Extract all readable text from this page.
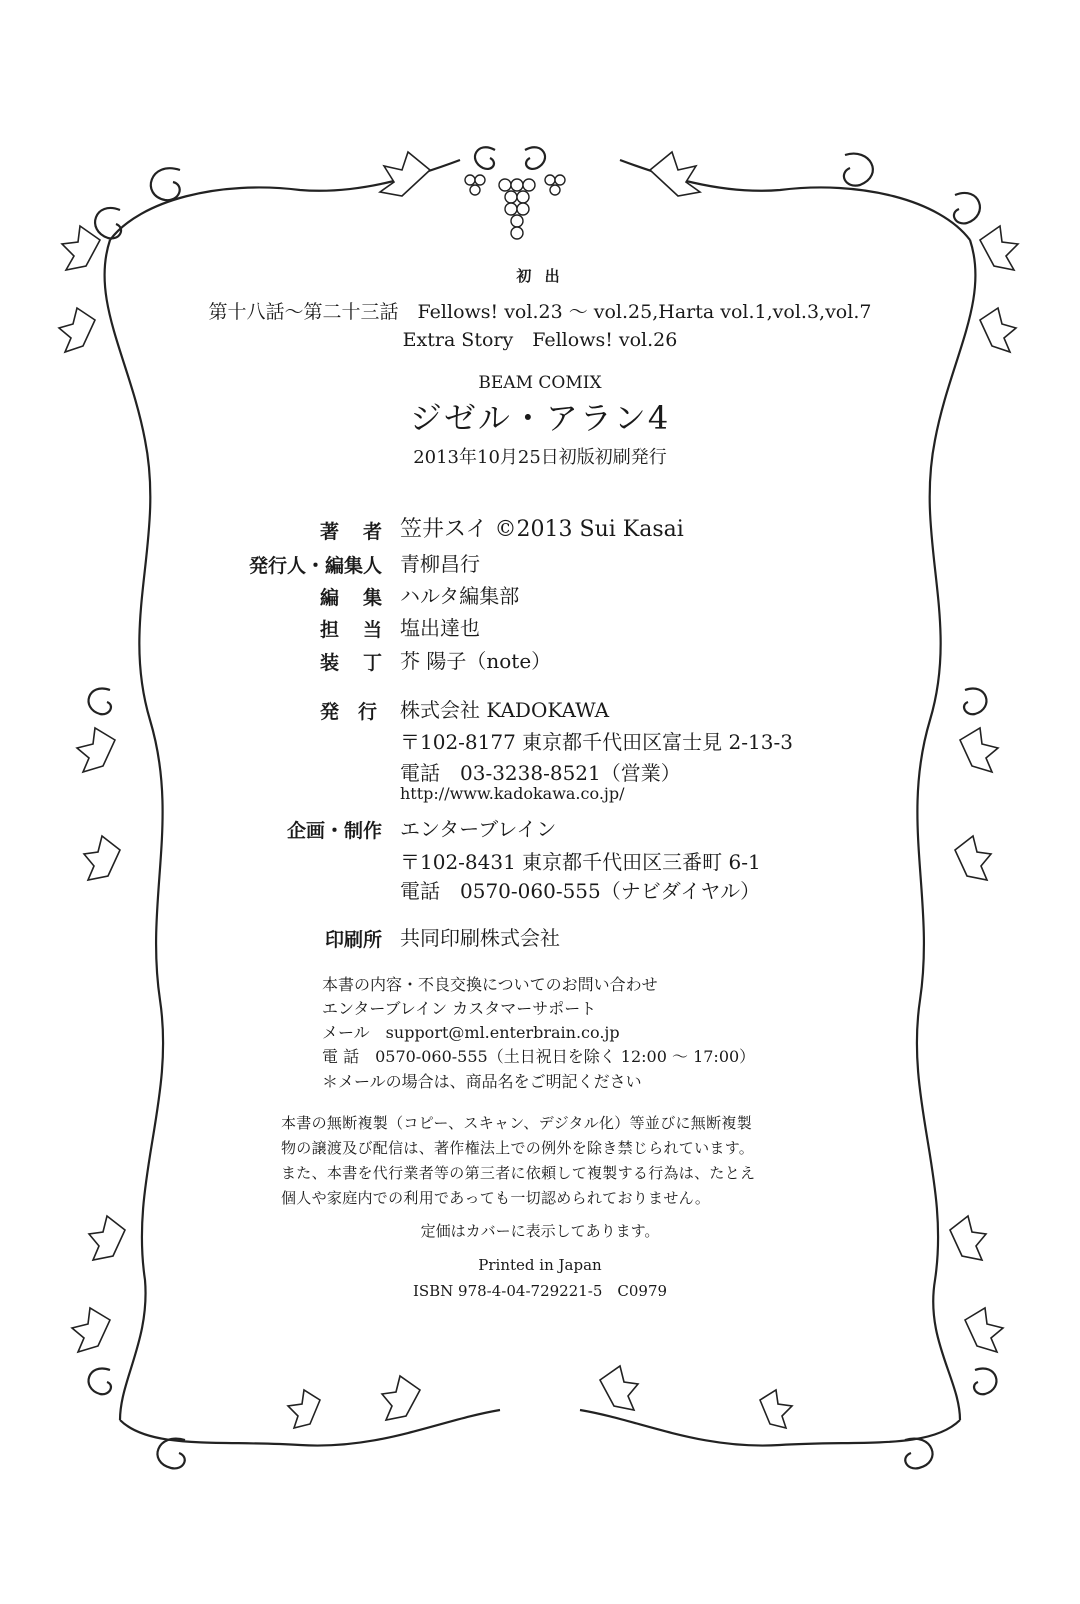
初 出
第十八話〜第二十三話　Fellows! vol.23 〜 vol.25,Harta vol.1,vol.3,vol.7
Extra Story　Fellows! vol.26
BEAM COMIX
ジゼル・アラン4
2013年10月25日初版初刷発行
著　者 笠井スイ ©2013 Sui Kasai
発行人・編集人 青柳昌行
編　集 ハルタ編集部
担　当 塩出達也
装　丁 芥 陽子（note）
発　行 株式会社 KADOKAWA
〒102-8177 東京都千代田区富士見 2-13-3
電話　03-3238-8521（営業）
http://www.kadokawa.co.jp/
企画・制作 エンターブレイン
〒102-8431 東京都千代田区三番町 6-1
電話　0570-060-555（ナビダイヤル）
印刷所 共同印刷株式会社
本書の内容・不良交換についてのお問い合わせ
エンターブレイン カスタマーサポート
メール　support@ml.enterbrain.co.jp
電 話　0570-060-555（土日祝日を除く 12:00 〜 17:00）
＊メールの場合は、商品名をご明記ください
本書の無断複製（コピー、スキャン、デジタル化）等並びに無断複製
物の譲渡及び配信は、著作権法上での例外を除き禁じられています。
また、本書を代行業者等の第三者に依頼して複製する行為は、たとえ
個人や家庭内での利用であっても一切認められておりません。
定価はカバーに表示してあります。
Printed in Japan
ISBN 978-4-04-729221-5　C0979
